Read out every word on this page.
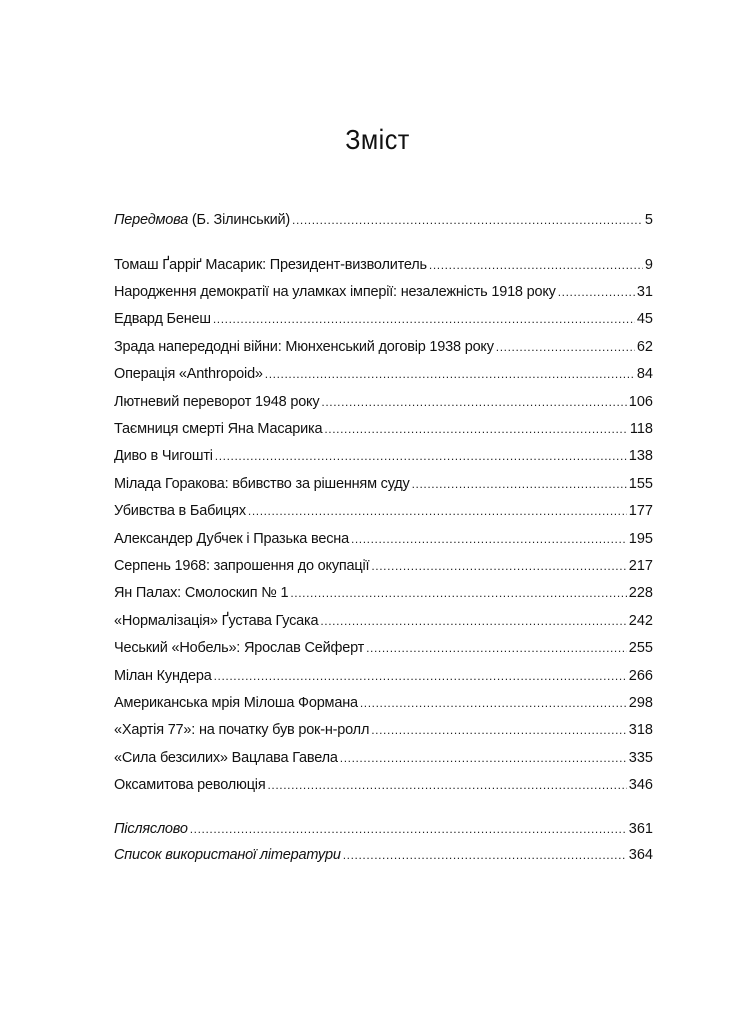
Зміст
Передмова (Б. Зілинський) .....	5
Томаш Ґарріґ Масарик: Президент-визволитель .....	9
Народження демократії на уламках імперії: незалежність 1918 року .....	31
Едвард Бенеш .....	45
Зрада напередодні війни: Мюнхенський договір 1938 року .....	62
Операція «Anthropoid» .....	84
Лютневий переворот 1948 року .....	106
Таємниця смерті Яна Масарика .....	118
Диво в Чигошті .....	138
Мілада Горакова: вбивство за рішенням суду .....	155
Убивства в Бабицях .....	177
Александер Дубчек і Празька весна .....	195
Серпень 1968: запрошення до окупації .....	217
Ян Палах: Смолоскип № 1 .....	228
«Нормалізація» Ґустава Гусака .....	242
Чеський «Нобель»: Ярослав Сейферт .....	255
Мілан Кундера .....	266
Американська мрія Мілоша Формана .....	298
«Хартія 77»: на початку був рок-н-ролл .....	318
«Сила безсилих» Вацлава Гавела .....	335
Оксамитова революція .....	346
Післяслово .....	361
Список використаної літератури .....	364
